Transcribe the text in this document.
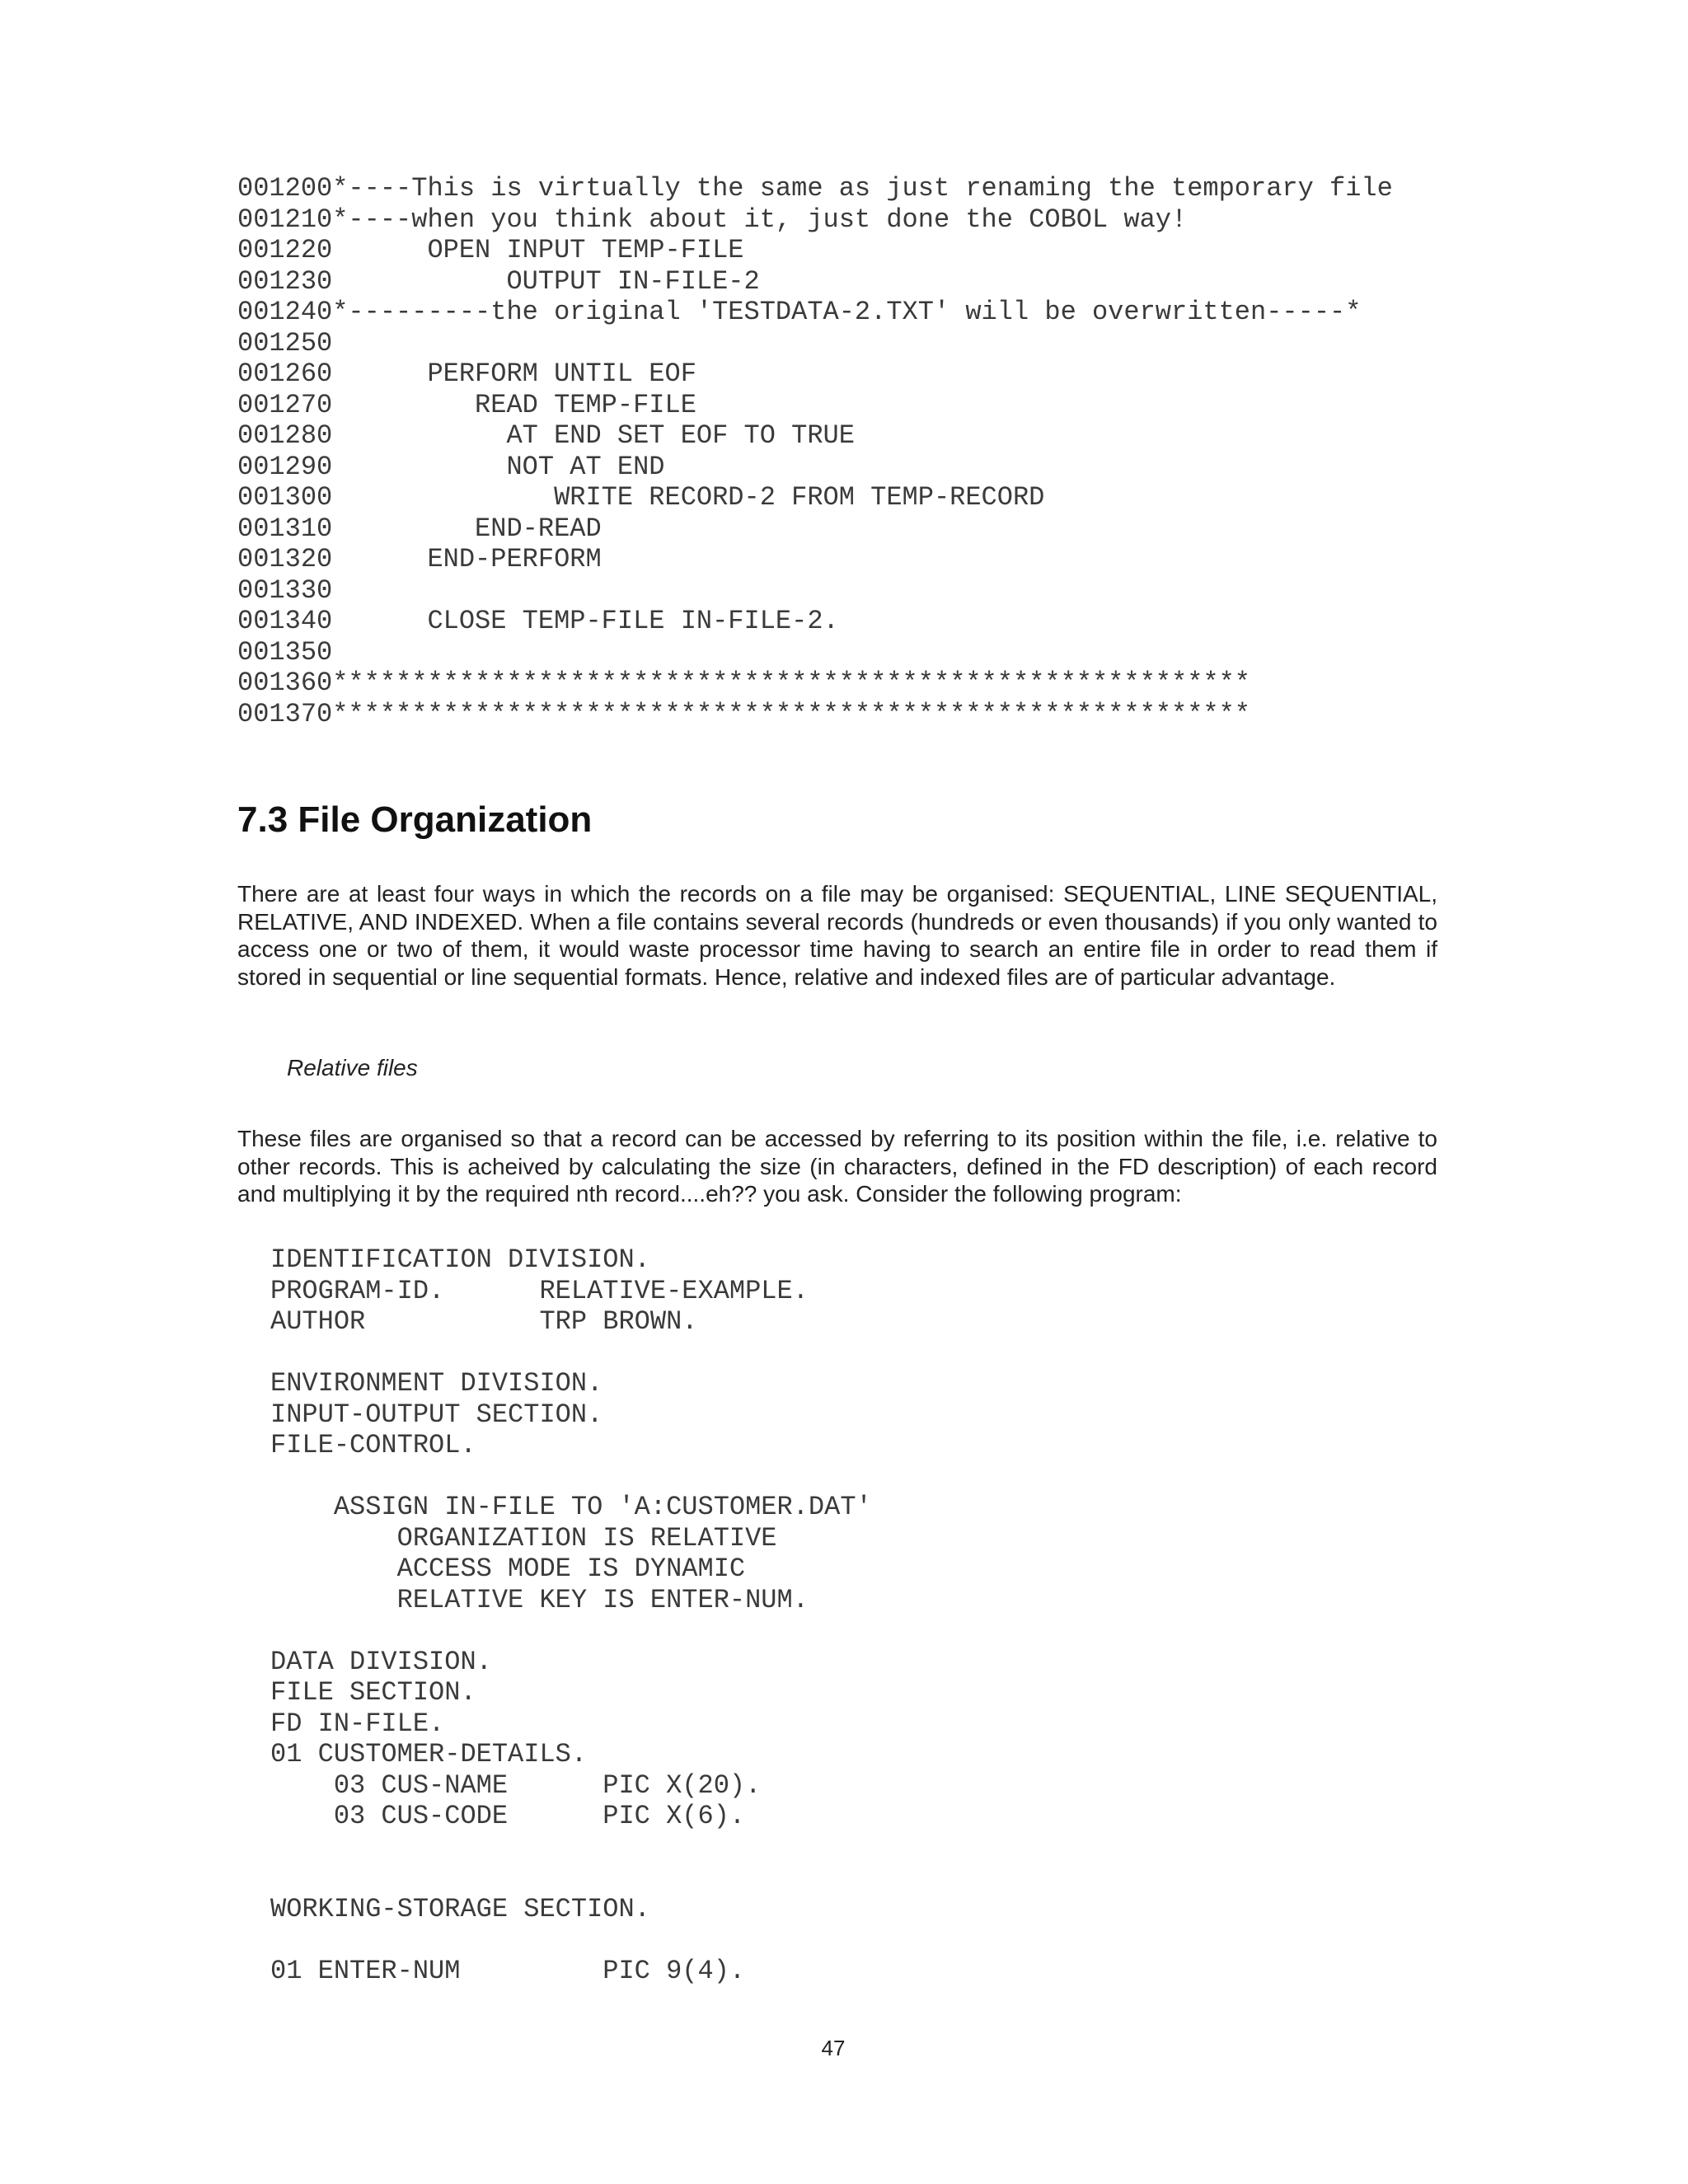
001200*----This is virtually the same as just renaming the temporary file
001210*----when you think about it, just done the COBOL way!
001220      OPEN INPUT TEMP-FILE
001230           OUTPUT IN-FILE-2
001240*---------the original 'TESTDATA-2.TXT' will be overwritten-----*
001250
001260      PERFORM UNTIL EOF
001270         READ TEMP-FILE
001280           AT END SET EOF TO TRUE
001290           NOT AT END
001300              WRITE RECORD-2 FROM TEMP-RECORD
001310         END-READ
001320      END-PERFORM
001330
001340      CLOSE TEMP-FILE IN-FILE-2.
001350
001360**********************************************************
001370**********************************************************
7.3 File Organization

There are at least four ways in which the records on a file may be organised: SEQUENTIAL, LINE SEQUENTIAL, RELATIVE, AND INDEXED. When a file contains several records (hundreds or even thousands) if you only wanted to access one or two of them, it would waste processor time having to search an entire file in order to read them if stored in sequential or line sequential formats. Hence, relative and indexed files are of particular advantage.

Relative files

These files are organised so that a record can be accessed by referring to its position within the file, i.e. relative to other records. This is acheived by calculating the size (in characters, defined in the FD description) of each record and multiplying it by the required nth record....eh?? you ask. Consider the following program:

IDENTIFICATION DIVISION.
PROGRAM-ID.      RELATIVE-EXAMPLE.
AUTHOR           TRP BROWN.
ENVIRONMENT DIVISION.
INPUT-OUTPUT SECTION.
FILE-CONTROL.
ASSIGN IN-FILE TO 'A:CUSTOMER.DAT'
ORGANIZATION IS RELATIVE
ACCESS MODE IS DYNAMIC
RELATIVE KEY IS ENTER-NUM.
DATA DIVISION.
FILE SECTION.
FD IN-FILE.
01 CUSTOMER-DETAILS.
03 CUS-NAME      PIC X(20).
03 CUS-CODE      PIC X(6).
WORKING-STORAGE SECTION.
01 ENTER-NUM         PIC 9(4).
47
